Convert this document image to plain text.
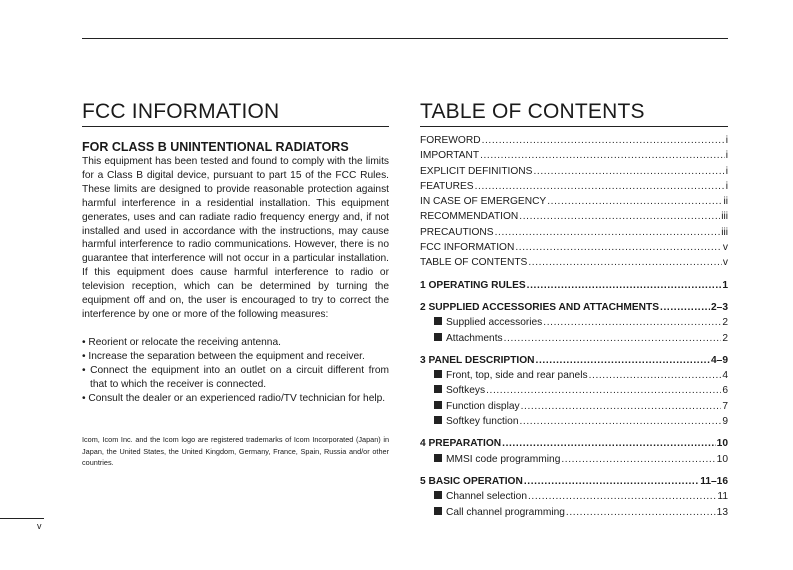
FCC INFORMATION
FOR CLASS B UNINTENTIONAL RADIATORS

This equipment has been tested and found to comply with the limits for a Class B digital device, pursuant to part 15 of the FCC Rules. These limits are designed to provide reasonable protection against harmful interference in a residential installation. This equipment generates, uses and can radiate radio frequency energy and, if not installed and used in accordance with the instructions, may cause harmful interference to radio communications. However, there is no guarantee that interference will not occur in a particular installation. If this equipment does cause harmful interference to radio or television reception, which can be determined by turning the equipment off and on, the user is encouraged to try to correct the interference by one or more of the following measures:

• Reorient or relocate the receiving antenna.
• Increase the separation between the equipment and receiver.
• Connect the equipment into an outlet on a circuit different from that to which the receiver is connected.
• Consult the dealer or an experienced radio/TV technician for help.

Icom, Icom Inc. and the Icom logo are registered trademarks of Icom Incorporated (Japan) in Japan, the United States, the United Kingdom, Germany, France, Spain, Russia and/or other countries.

TABLE OF CONTENTS
FOREWORD .....	i
IMPORTANT .....	i
EXPLICIT DEFINITIONS .....	i
FEATURES .....	i
IN CASE OF EMERGENCY .....	ii
RECOMMENDATION .....	iii
PRECAUTIONS .....	iii
FCC INFORMATION .....	v
TABLE OF CONTENTS .....	v
1 OPERATING RULES .....	1
2 SUPPLIED ACCESSORIES AND ATTACHMENTS .....	2–3
Supplied accessories .....	2
Attachments .....	2
3 PANEL DESCRIPTION .....	4–9
Front, top, side and rear panels .....	4
Softkeys .....	6
Function display .....	7
Softkey function .....	9
4 PREPARATION .....	10
MMSI code programming .....	10
5 BASIC OPERATION .....	11–16
Channel selection .....	11
Call channel programming .....	13
v
